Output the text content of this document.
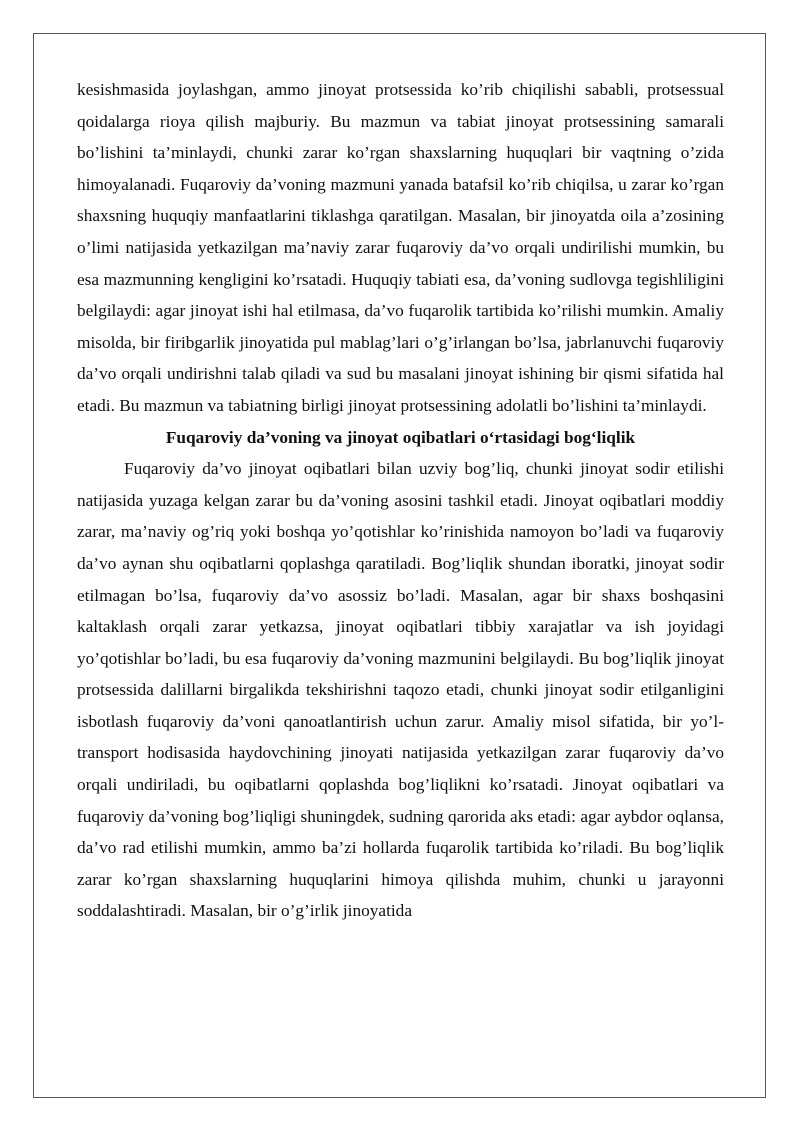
kesishmasida joylashgan, ammo jinoyat protsessida ko’rib chiqilishi sababli, protsessual qoidalarga rioya qilish majburiy. Bu mazmun va tabiat jinoyat protsessining samarali bo’lishini ta’minlaydi, chunki zarar ko’rgan shaxslarning huquqlari bir vaqtning o’zida himoyalanadi. Fuqaroviy da’voning mazmuni yanada batafsil ko’rib chiqilsa, u zarar ko’rgan shaxsning huquqiy manfaatlarini tiklashga qaratilgan. Masalan, bir jinoyatda oila a’zosining o’limi natijasida yetkazilgan ma’naviy zarar fuqaroviy da’vo orqali undirilishi mumkin, bu esa mazmunning kengligini ko’rsatadi. Huquqiy tabiati esa, da’voning sudlovga tegishliligini belgilaydi: agar jinoyat ishi hal etilmasa, da’vo fuqarolik tartibida ko’rilishi mumkin. Amaliy misolda, bir firibgarlik jinoyatida pul mablag’lari o’g’irlangan bo’lsa, jabrlanuvchi fuqaroviy da’vo orqali undirishni talab qiladi va sud bu masalani jinoyat ishining bir qismi sifatida hal etadi. Bu mazmun va tabiatning birligi jinoyat protsessining adolatli bo’lishini ta’minlaydi.

Fuqaroviy da’voning va jinoyat oqibatlari o‘rtasidagi bog‘liqlik

Fuqaroviy da’vo jinoyat oqibatlari bilan uzviy bog’liq, chunki jinoyat sodir etilishi natijasida yuzaga kelgan zarar bu da’voning asosini tashkil etadi. Jinoyat oqibatlari moddiy zarar, ma’naviy og’riq yoki boshqa yo’qotishlar ko’rinishida namoyon bo’ladi va fuqaroviy da’vo aynan shu oqibatlarni qoplashga qaratiladi. Bog’liqlik shundan iboratki, jinoyat sodir etilmagan bo’lsa, fuqaroviy da’vo asossiz bo’ladi. Masalan, agar bir shaxs boshqasini kaltaklash orqali zarar yetkazsa, jinoyat oqibatlari tibbiy xarajatlar va ish joyidagi yo’qotishlar bo’ladi, bu esa fuqaroviy da’voning mazmunini belgilaydi. Bu bog’liqlik jinoyat protsessida dalillarni birgalikda tekshirishni taqozo etadi, chunki jinoyat sodir etilganligini isbotlash fuqaroviy da’voni qanoatlantirish uchun zarur. Amaliy misol sifatida, bir yo’l-transport hodisasida haydovchining jinoyati natijasida yetkazilgan zarar fuqaroviy da’vo orqali undiriladi, bu oqibatlarni qoplashda bog’liqlikni ko’rsatadi. Jinoyat oqibatlari va fuqaroviy da’voning bog’liqligi shuningdek, sudning qarorida aks etadi: agar aybdor oqlansa, da’vo rad etilishi mumkin, ammo ba’zi hollarda fuqarolik tartibida ko’riladi. Bu bog’liqlik zarar ko’rgan shaxslarning huquqlarini himoya qilishda muhim, chunki u jarayonni soddalashtiradi. Masalan, bir o’g’irlik jinoyatida
